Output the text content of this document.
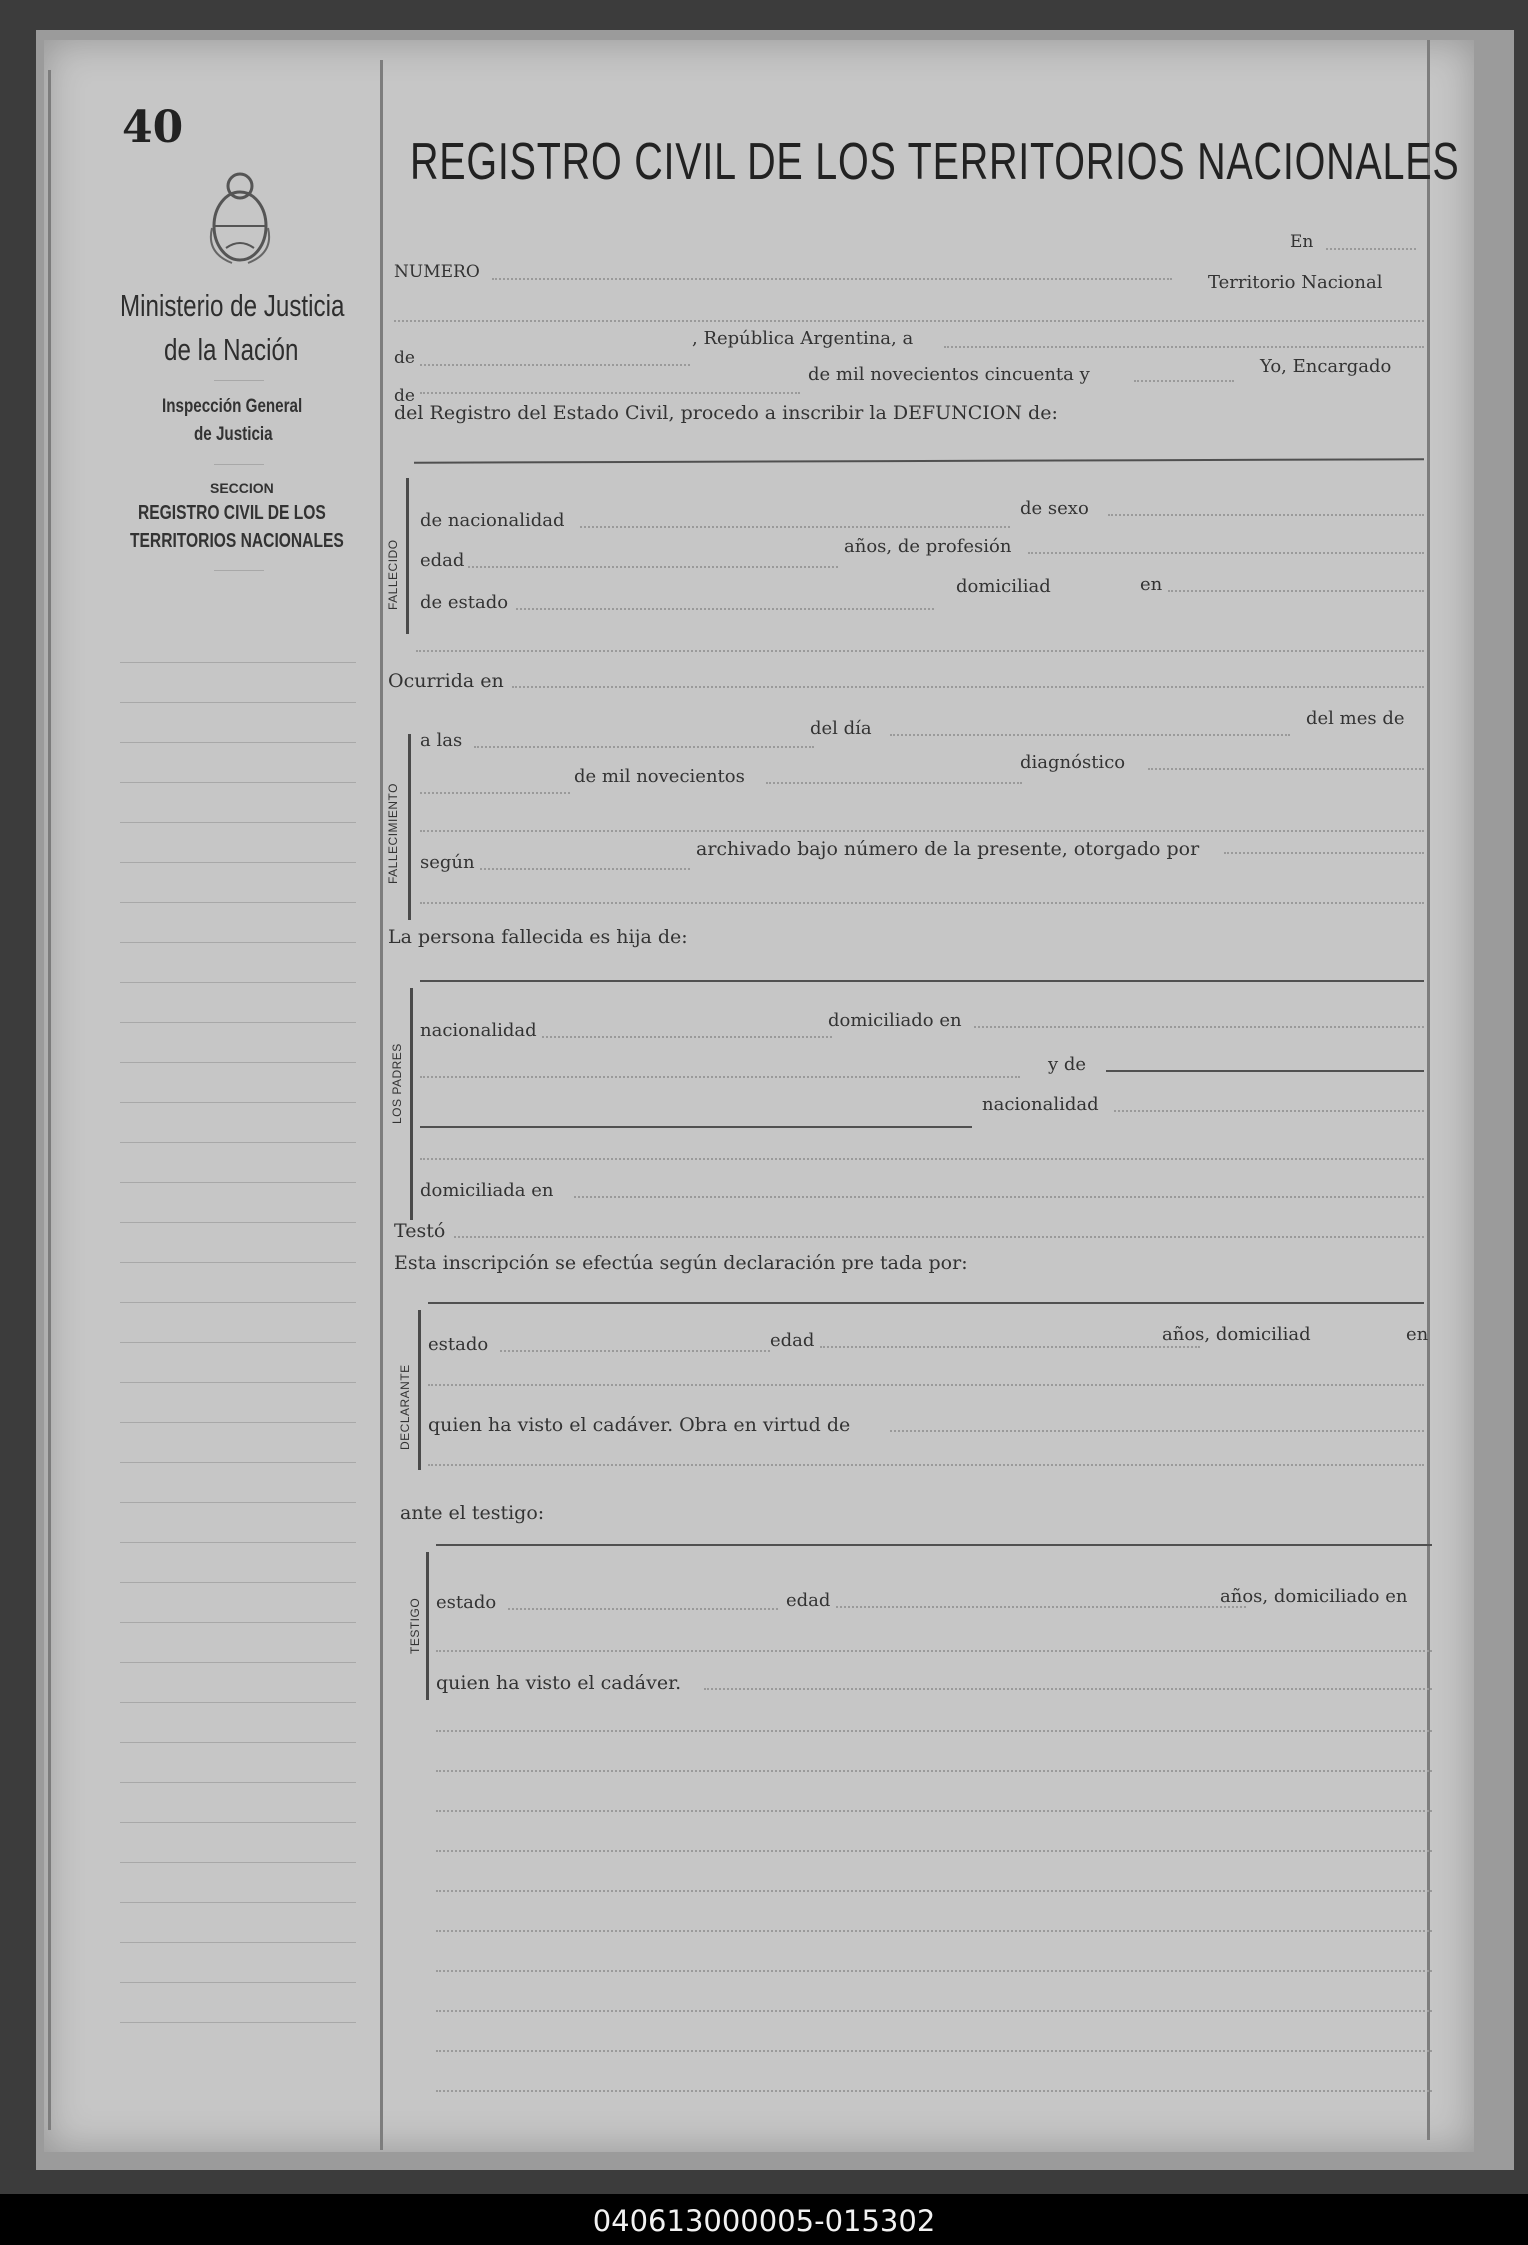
40
Ministerio de Justicia
de la Nación
Inspección General
de Justicia
SECCION
REGISTRO CIVIL DE LOS
TERRITORIOS NACIONALES
REGISTRO CIVIL DE LOS TERRITORIOS NACIONALES
En
NUMERO	Territorio Nacional
de
, República Argentina, a
de
de mil novecientos cincuenta y	Yo, Encargado
del Registro del Estado Civil, procedo a inscribir la DEFUNCION de:
FALLECIDO
de nacionalidad
de sexo
edad
años, de profesión
de estado
domiciliad	en
Ocurrida en
FALLECIMIENTO
a las
del día	del mes de
de mil novecientos
diagnóstico
según
archivado bajo número de la presente, otorgado por
La persona fallecida es hija de:
LOS PADRES
nacionalidad	domiciliado en
y de
nacionalidad
domiciliada en
Testó
Esta inscripción se efectúa según declaración pre tada por:
DECLARANTE
estado	edad	años, domiciliad	en
quien ha visto el cadáver. Obra en virtud de
ante el testigo:
TESTIGO estado	edad	años, domiciliado en
quien ha visto el cadáver.
040613000005-015302
